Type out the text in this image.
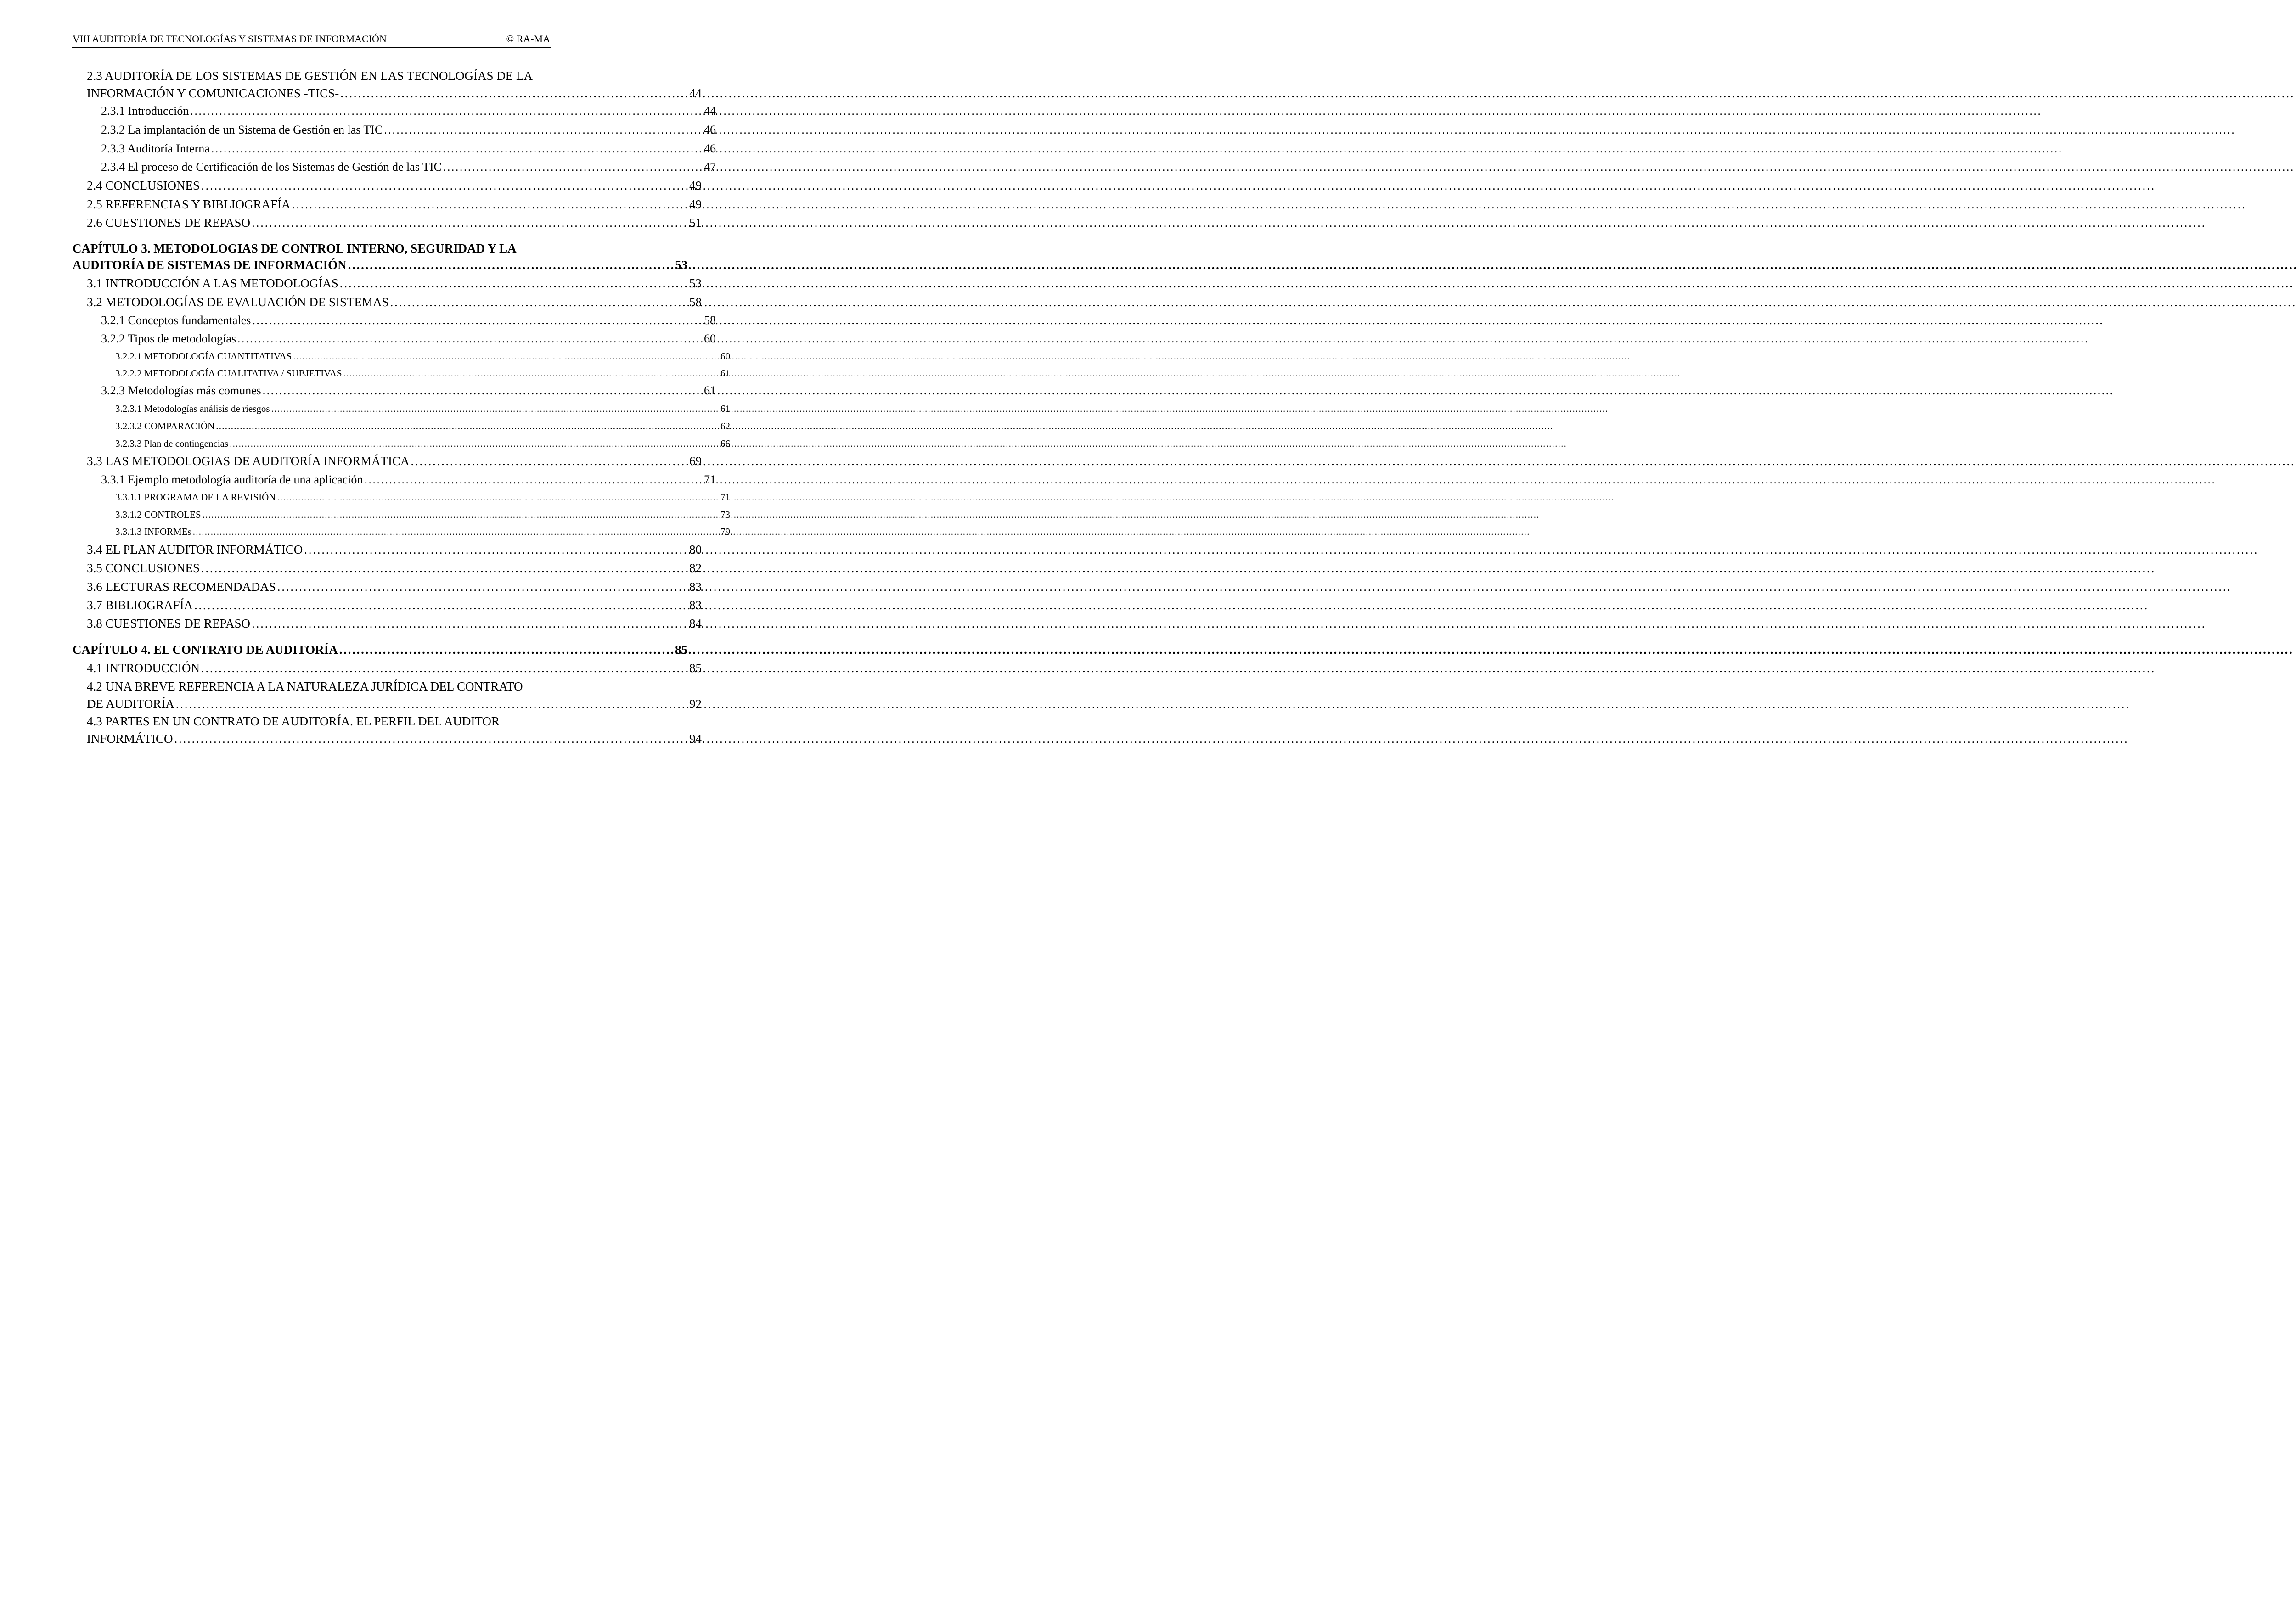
VIII AUDITORÍA DE TECNOLOGÍAS Y SISTEMAS DE INFORMACIÓN	© RA-MA
2.3 AUDITORÍA DE LOS SISTEMAS DE GESTIÓN EN LAS TECNOLOGÍAS DE LA
INFORMACIÓN Y COMUNICACIONES -TICS- . . .	44
2.3.1 Introducción . . .	44
2.3.2 La implantación de un Sistema de Gestión en las TIC . . .	46
2.3.3 Auditoría Interna . . .	46
2.3.4 El proceso de Certificación de los Sistemas de Gestión de las TIC . . .	47
2.4 CONCLUSIONES . . .	49
2.5 REFERENCIAS Y BIBLIOGRAFÍA . . .	49
2.6 CUESTIONES DE REPASO . . .	51
CAPÍTULO 3. METODOLOGIAS DE CONTROL INTERNO, SEGURIDAD Y LA
AUDITORÍA DE SISTEMAS DE INFORMACIÓN . . .	53
3.1 INTRODUCCIÓN A LAS METODOLOGÍAS . . .	53
3.2 METODOLOGÍAS DE EVALUACIÓN DE SISTEMAS . . .	58
3.2.1 Conceptos fundamentales . . .	58
3.2.2 Tipos de metodologías . . .	60
3.2.2.1 METODOLOGÍA CUANTITATIVAS . . .	60
3.2.2.2 METODOLOGÍA CUALITATIVA / SUBJETIVAS . . .	61
3.2.3 Metodologías más comunes . . .	61
3.2.3.1 Metodologías análisis de riesgos . . .	61
3.2.3.2 COMPARACIÓN . . .	62
3.2.3.3 Plan de contingencias . . .	66
3.3 LAS METODOLOGIAS DE AUDITORÍA INFORMÁTICA . . .	69
3.3.1 Ejemplo metodología auditoría de una aplicación . . .	71
3.3.1.1 PROGRAMA DE LA REVISIÓN . . .	71
3.3.1.2 CONTROLES . . .	73
3.3.1.3 INFORMEs . . .	79
3.4 EL PLAN AUDITOR INFORMÁTICO . . .	80
3.5 CONCLUSIONES . . .	82
3.6 LECTURAS RECOMENDADAS . . .	83
3.7 BIBLIOGRAFÍA . . .	83
3.8 CUESTIONES DE REPASO . . .	84
CAPÍTULO 4. EL CONTRATO DE AUDITORÍA . . .	85
4.1 INTRODUCCIÓN . . .	85
4.2 UNA BREVE REFERENCIA A LA NATURALEZA JURÍDICA DEL CONTRATO
DE AUDITORÍA . . .	92
4.3 PARTES EN UN CONTRATO DE AUDITORÍA. EL PERFIL DEL AUDITOR
INFORMÁTICO . . .	94
